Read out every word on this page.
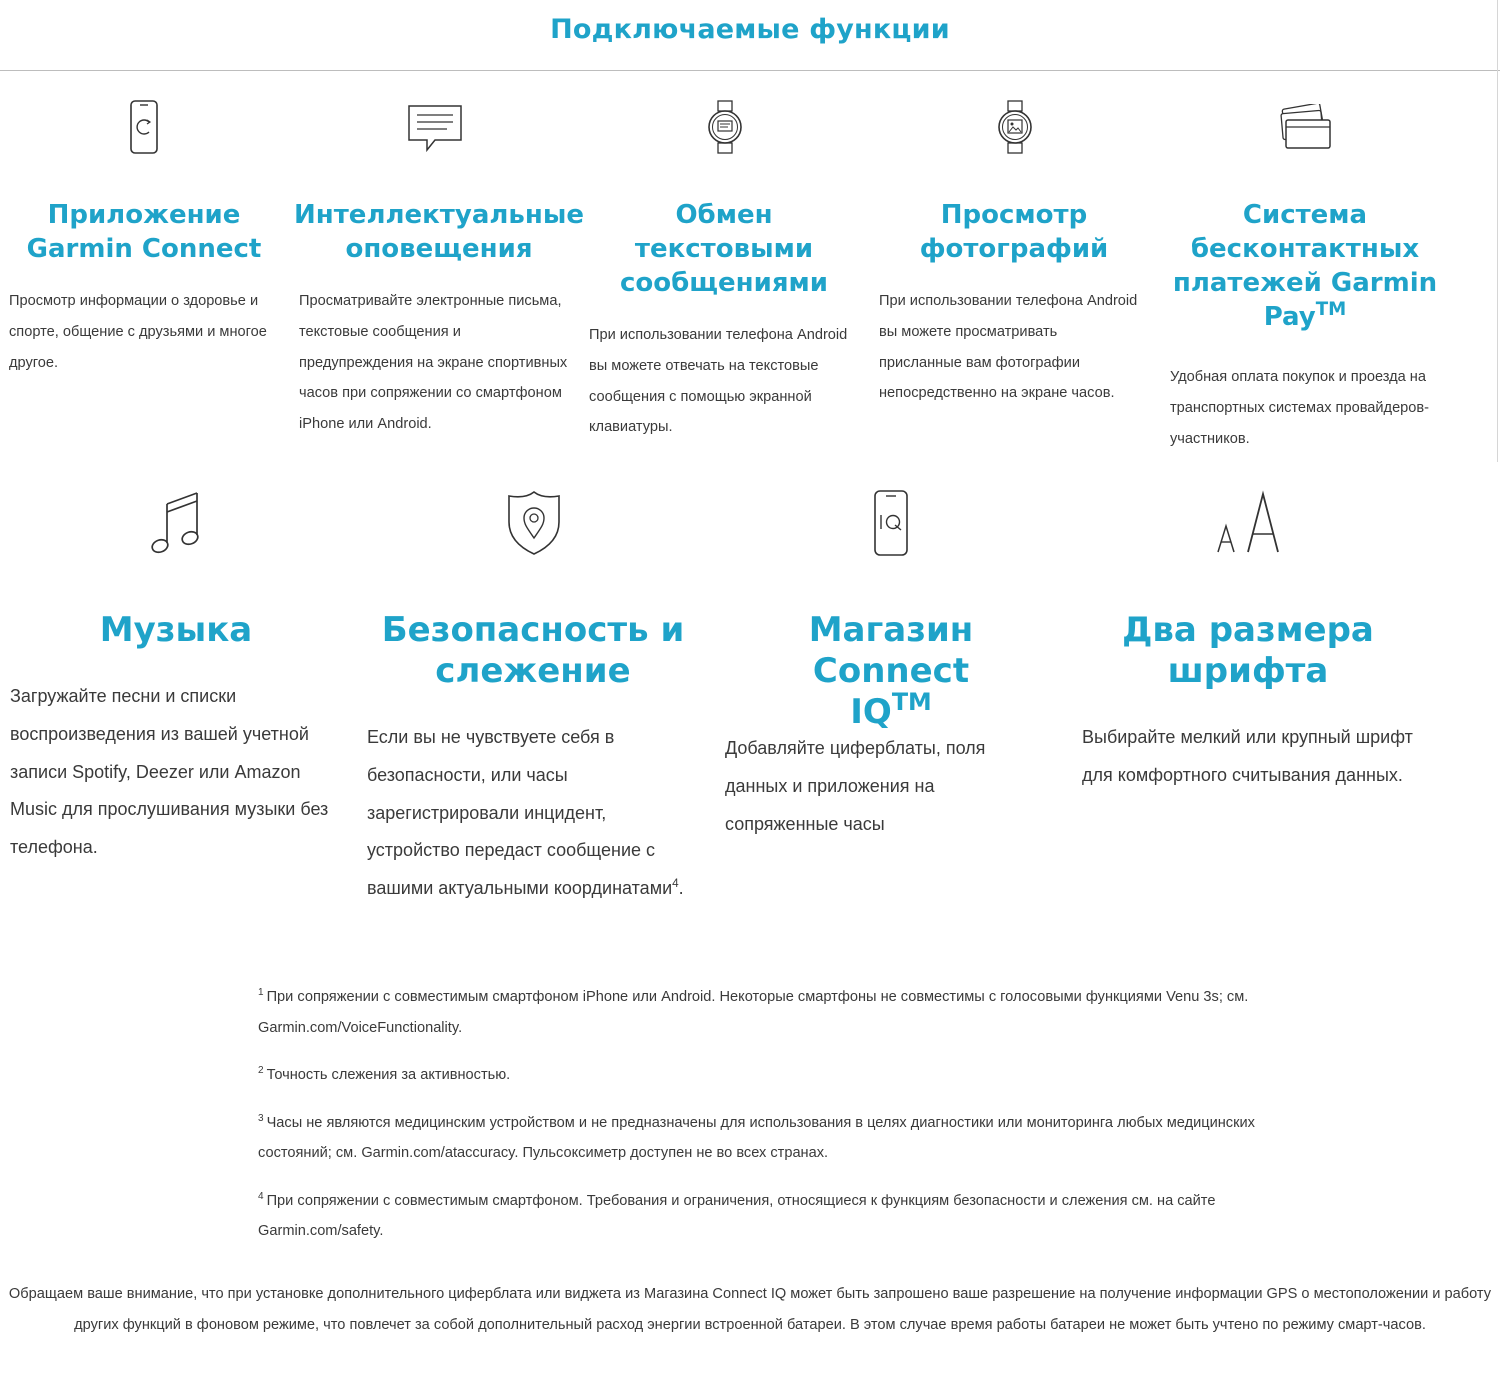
Подключаемые функции
Приложение
Garmin Connect
Просмотр информации о здоровье и спорте, общение с друзьями и многое другое.
Интеллектуальные
оповещения
Просматривайте электронные письма, текстовые сообщения и предупреждения на экране спортивных часов при сопряжении со смартфоном iPhone или Android.
Обмен
текстовыми
сообщениями
При использовании телефона Android вы можете отвечать на текстовые сообщения с помощью экранной клавиатуры.
Просмотр
фотографий
При использовании телефона Android вы можете просматривать присланные вам фотографии непосредственно на экране часов.
Система
бесконтактных
платежей Garmin
Pay™
Удобная оплата покупок и проезда на транспортных системах провайдеров-участников.
Музыка
Загружайте песни и списки воспроизведения из вашей учетной записи Spotify, Deezer или Amazon Music для прослушивания музыки без телефона.
Безопасность и
слежение
Если вы не чувствуете себя в безопасности, или часы зарегистрировали инцидент, устройство передаст сообщение с вашими актуальными координатами$^4$.
Магазин Connect
IQ™
Добавляйте циферблаты, поля данных и приложения на сопряженные часы
Два размера
шрифта
Выбирайте мелкий или крупный шрифт для комфортного считывания данных.
$^1$ При сопряжении с совместимым смартфоном iPhone или Android. Некоторые смартфоны не совместимы с голосовыми функциями Venu 3s; см. Garmin.com/VoiceFunctionality.
$^2$ Точность слежения за активностью.
$^3$ Часы не являются медицинским устройством и не предназначены для использования в целях диагностики или мониторинга любых медицинских состояний; см. Garmin.com/ataccuracy. Пульсоксиметр доступен не во всех странах.
$^4$ При сопряжении с совместимым смартфоном. Требования и ограничения, относящиеся к функциям безопасности и слежения см. на сайте Garmin.com/safety.
Обращаем ваше внимание, что при установке дополнительного циферблата или виджета из Магазина Connect IQ может быть запрошено ваше разрешение на получение информации GPS о местоположении и работу других функций в фоновом режиме, что повлечет за собой дополнительный расход энергии встроенной батареи. В этом случае время работы батареи не может быть учтено по режиму смарт-часов.
